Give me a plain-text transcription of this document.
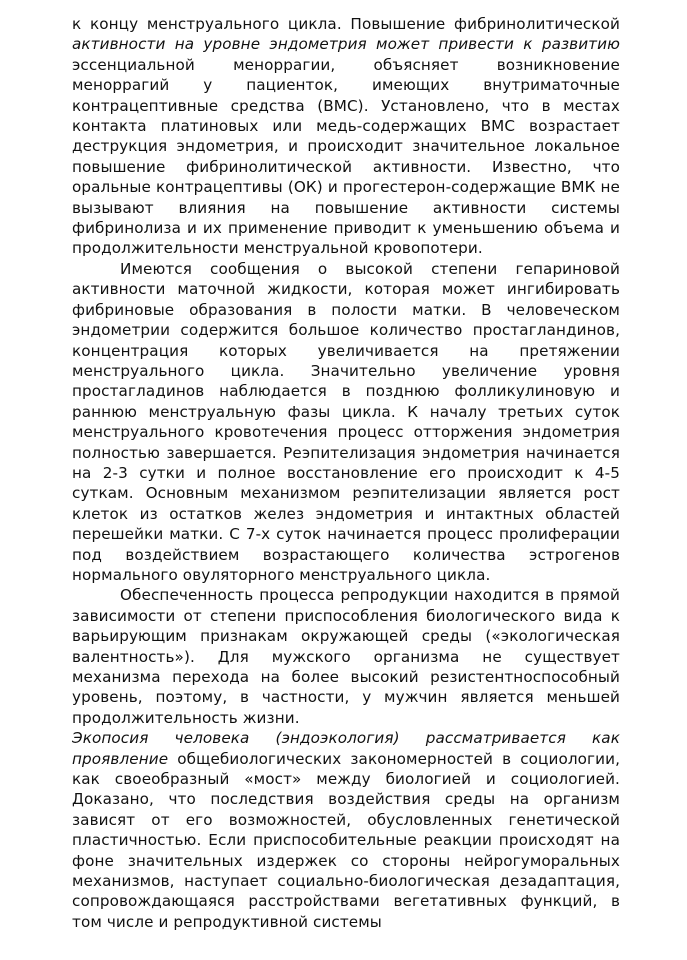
к концу менструального цикла. Повышение фибринолитической активности на уровне эндометрия может привести к развитию эссенциальной меноррагии, объясняет возникновение меноррагий у пациенток, имеющих внутриматочные контрацептивные средства (ВМС). Установлено, что в местах контакта платиновых или медь-содержащих ВМС возрастает деструкция эндометрия, и происходит значительное локальное повышение фибринолитической активности. Известно, что оральные контрацептивы (ОК) и прогестерон-содержащие ВМК не вызывают влияния на повышение активности системы фибринолиза и их применение приводит к уменьшению объема и продолжительности менструальной кровопотери.

Имеются сообщения о высокой степени гепариновой активности маточной жидкости, которая может ингибировать фибриновые образования в полости матки. В человеческом эндометрии содержится большое количество простагландинов, концентрация которых увеличивается на претяжении менструального цикла. Значительно увеличение уровня простагладинов наблюдается в позднюю фолликулиновую и раннюю менструальную фазы цикла. К началу третьих суток менструального кровотечения процесс отторжения эндометрия полностью завершается. Реэпителизация эндометрия начинается на 2-3 сутки и полное восстановление его происходит к 4-5 суткам. Основным механизмом реэпителизации является рост клеток из остатков желез эндометрия и интактных областей перешейки матки. С 7-х суток начинается процесс пролиферации под воздействием возрастающего количества эстрогенов нормального овуляторного менструального цикла.

Обеспеченность процесса репродукции находится в прямой зависимости от степени приспособления биологического вида к варьирующим признакам окружающей среды («экологическая валентность»). Для мужского организма не существует механизма перехода на более высокий резистентноспособный уровень, поэтому, в частности, у мужчин является меньшей продолжительность жизни.

Экопосия человека (эндоэкология) рассматривается как проявление общебиологических закономерностей в социологии, как своеобразный «мост» между биологией и социологией. Доказано, что последствия воздействия среды на организм зависят от его возможностей, обусловленных генетической пластичностью. Если приспособительные реакции происходят на фоне значительных издержек со стороны нейрогуморальных механизмов, наступает социально-биологическая дезадаптация, сопровождающаяся расстройствами вегетативных функций, в том числе и репродуктивной системы
